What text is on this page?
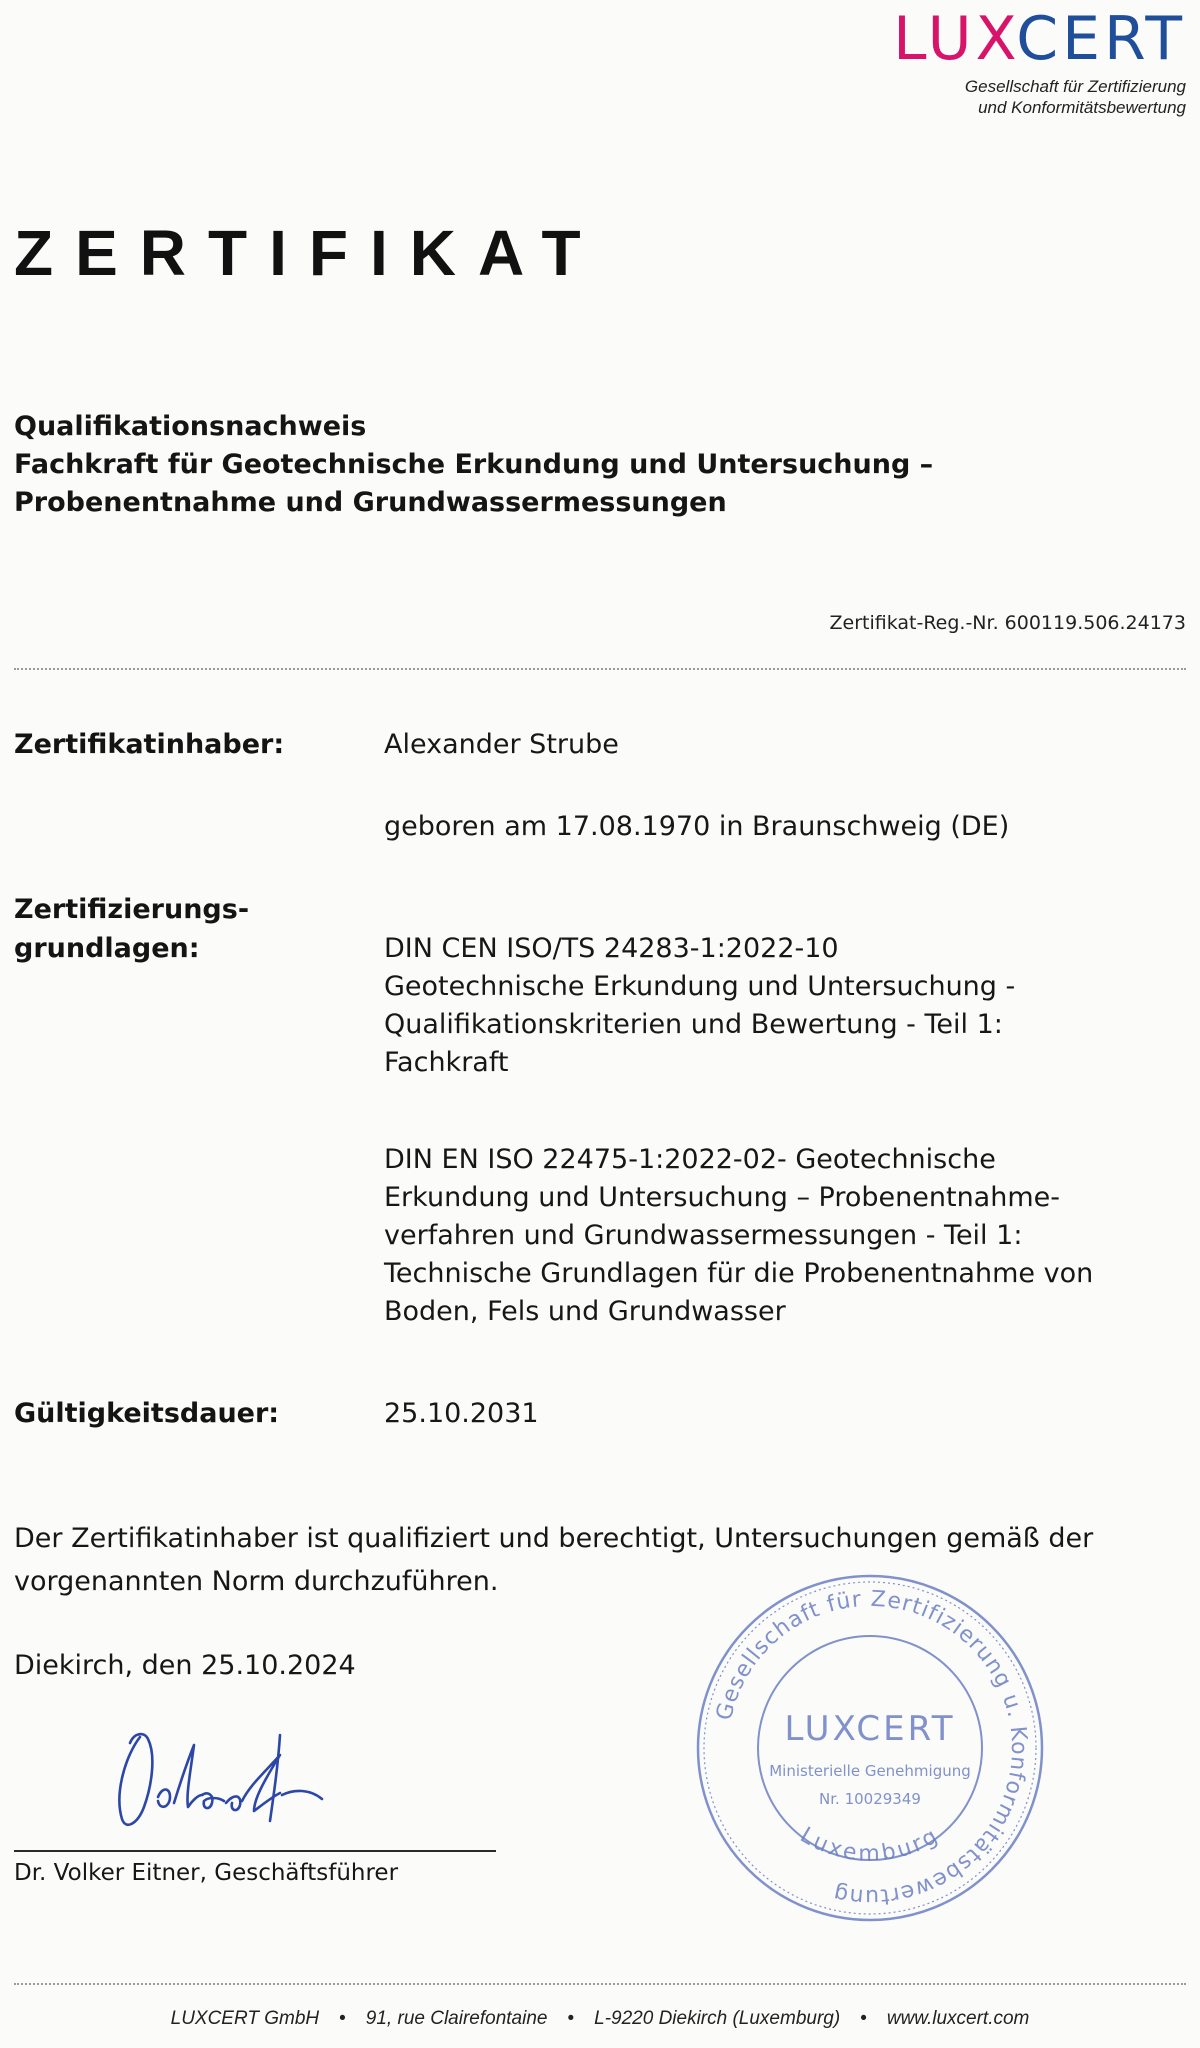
LUXCERT
Gesellschaft für Zertifizierung
und Konformitätsbewertung
ZERTIFIKAT
Qualifikationsnachweis
Fachkraft für Geotechnische Erkundung und Untersuchung –
Probenentnahme und Grundwassermessungen
Zertifikat-Reg.-Nr. 600119.506.24173
Zertifikatinhaber:	Alexander Strube
geboren am 17.08.1970 in Braunschweig (DE)
Zertifizierungs-
grundlagen:	DIN CEN ISO/TS 24283-1:2022-10
Geotechnische Erkundung und Untersuchung -
Qualifikationskriterien und Bewertung - Teil 1:
Fachkraft
DIN EN ISO 22475-1:2022-02- Geotechnische
Erkundung und Untersuchung – Probenentnahme-
verfahren und Grundwassermessungen - Teil 1:
Technische Grundlagen für die Probenentnahme von
Boden, Fels und Grundwasser
Gültigkeitsdauer:	25.10.2031
Der Zertifikatinhaber ist qualifiziert und berechtigt, Untersuchungen gemäß der
vorgenannten Norm durchzuführen.
Diekirch, den 25.10.2024
Dr. Volker Eitner, Geschäftsführer
Gesellschaft für Zertifizierung u. Konformitätsbewertung
Luxemburg
LUXCERT
Ministerielle Genehmigung
Nr. 10029349
LUXCERT GmbH • 91, rue Clairefontaine • L-9220 Diekirch (Luxemburg) • www.luxcert.com
